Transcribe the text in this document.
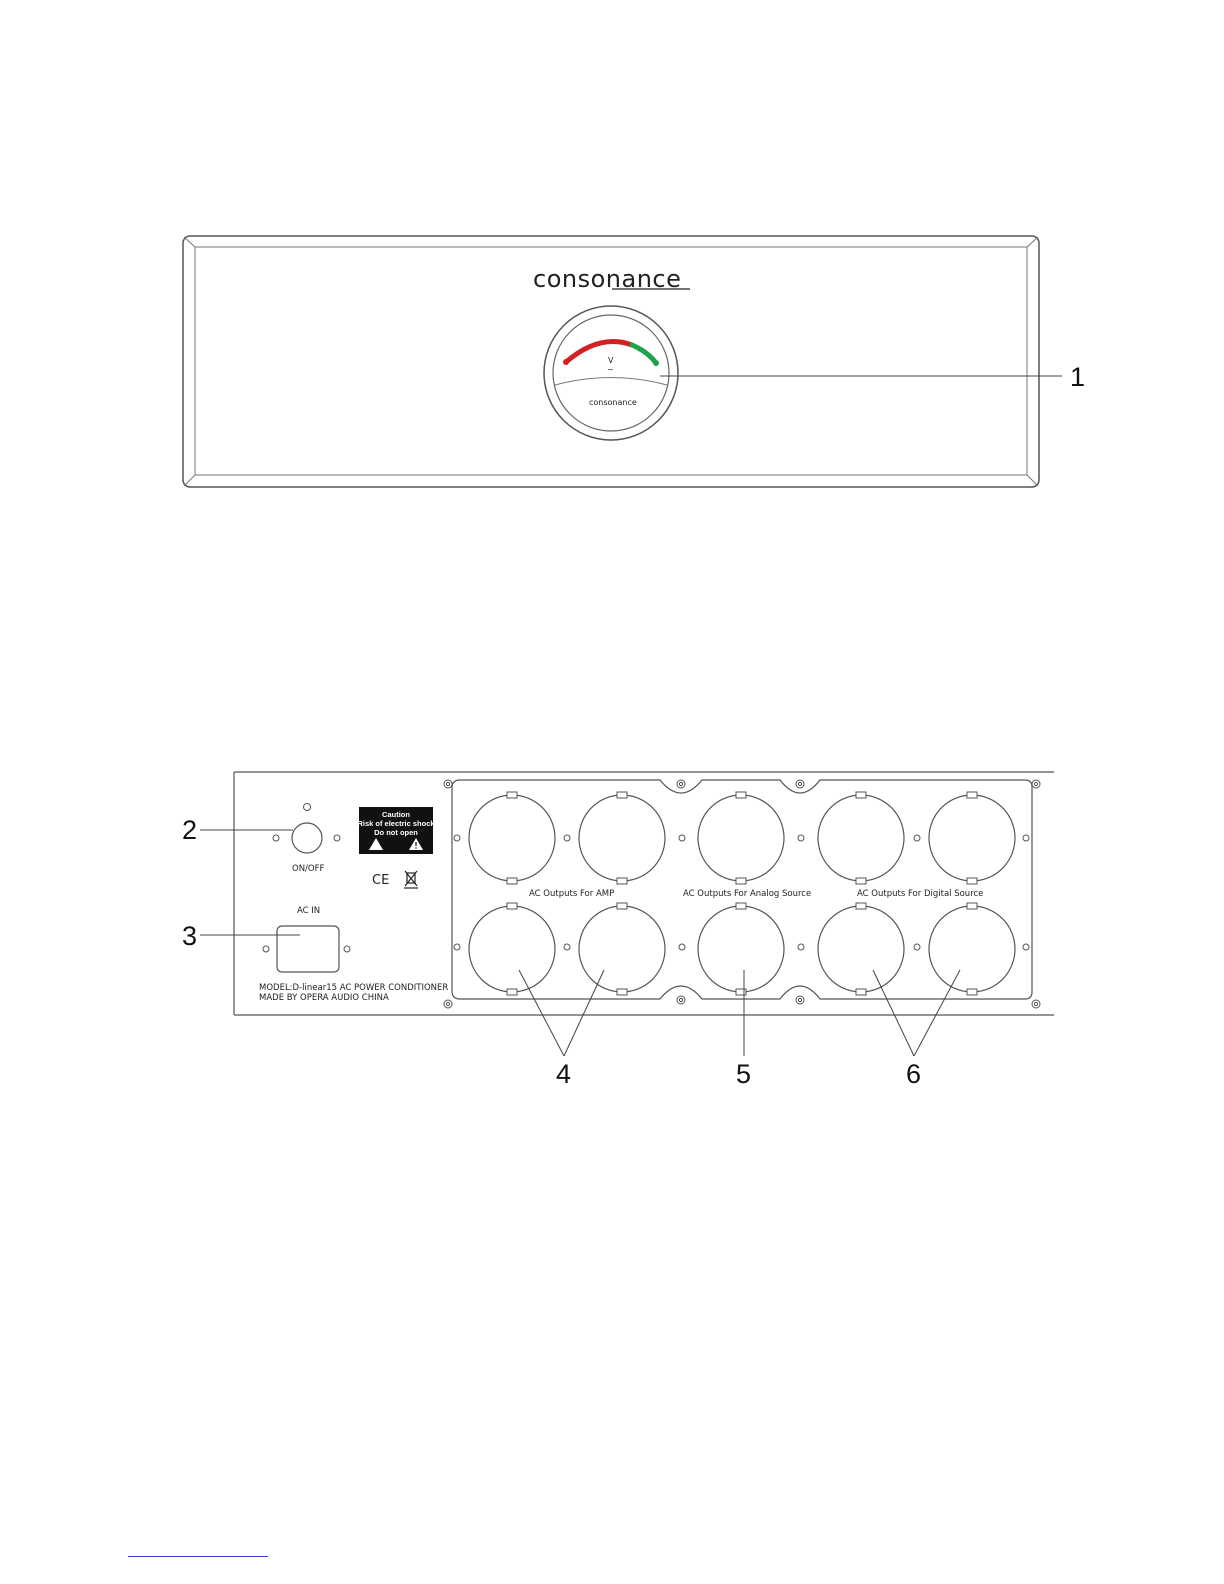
consonance
V
~
consonance
1
AC Outputs For AMP	AC Outputs For Analog Source	AC Outputs For Digital Source
Caution
Risk of electric shock
Do not open
CE
ON/OFF
AC IN
MODEL:D-linear15 AC POWER CONDITIONER
MADE BY OPERA AUDIO CHINA
2
3
4	5	6
